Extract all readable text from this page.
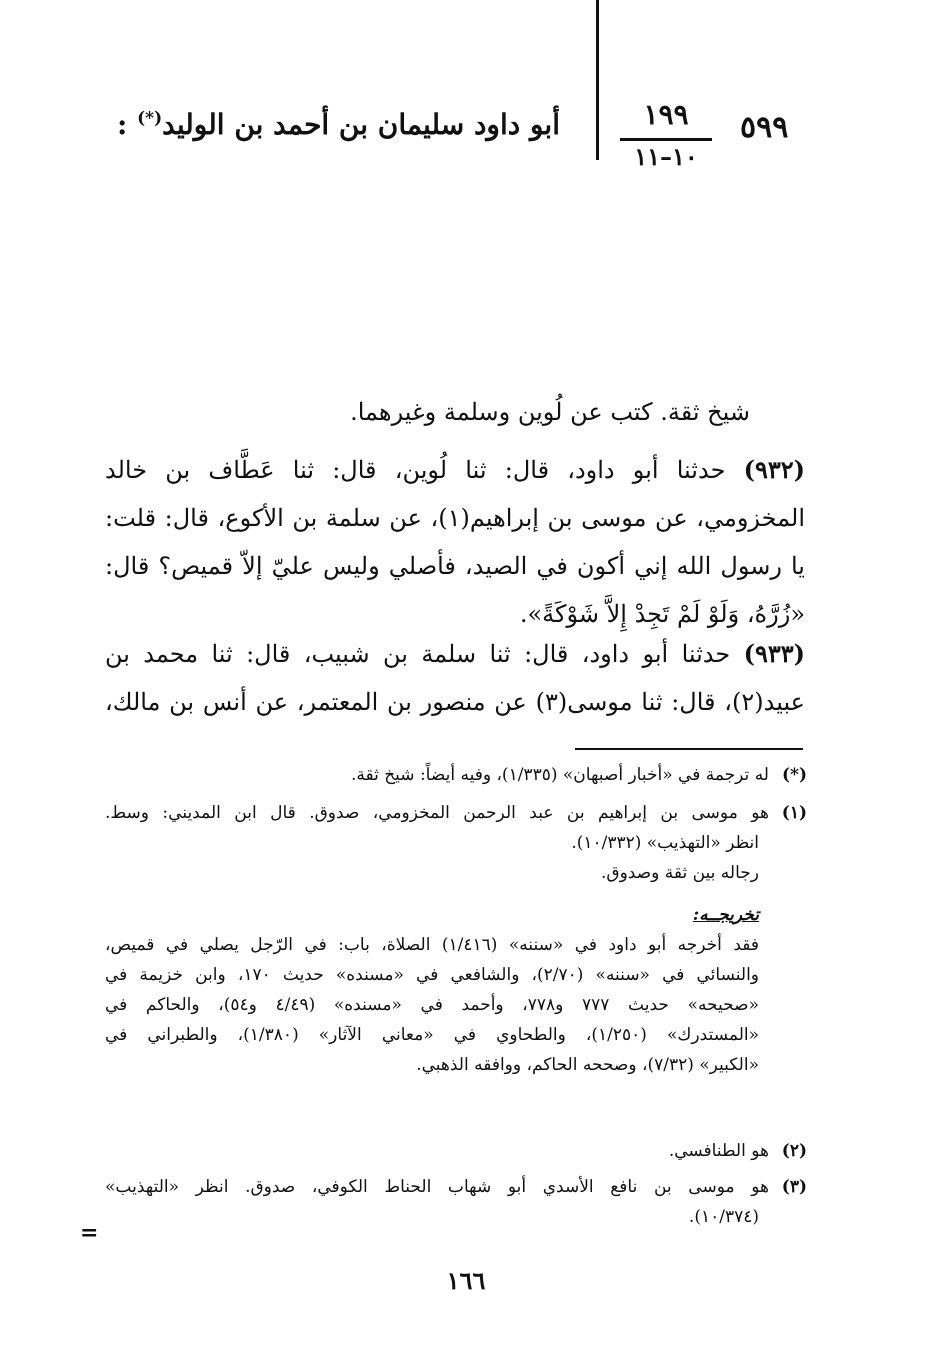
٥٩٩
١٩٩
١٠–١١
أبو داود سليمان بن أحمد بن الوليد(*) :
شيخ ثقة. كتب عن لُوين وسلمة وغيرهما.
(٩٣٢) حدثنا أبو داود، قال: ثنا لُوين، قال: ثنا عَطَّاف بن خالد
المخزومي، عن موسى بن إبراهيم(١)، عن سلمة بن الأكوع، قال: قلت:
يا رسول الله إني أكون في الصيد، فأصلي وليس عليّ إلاّ قميص؟ قال:
«زُرَّهُ، وَلَوْ لَمْ تَجِدْ إِلاَّ شَوْكَةً».
(٩٣٣) حدثنا أبو داود، قال: ثنا سلمة بن شبيب، قال: ثنا محمد بن
عبيد(٢)، قال: ثنا موسى(٣) عن منصور بن المعتمر، عن أنس بن مالك،
(*)له ترجمة في «أخبار أصبهان» (١/٣٣٥)، وفيه أيضاً: شيخ ثقة.
(١)هو موسى بن إبراهيم بن عبد الرحمن المخزومي، صدوق. قال ابن المديني: وسط.
انظر «التهذيب» (١٠/٣٣٢).
رجاله بين ثقة وصدوق.
تخريجــه:
فقد أخرجه أبو داود في «سننه» (١/٤١٦) الصلاة، باب: في الرّجل يصلي في قميص،
والنسائي في «سننه» (٢/٧٠)، والشافعي في «مسنده» حديث ١٧٠، وابن خزيمة في
«صحيحه» حديث ٧٧٧ و٧٧٨، وأحمد في «مسنده» (٤/٤٩ و٥٤)، والحاكم في
«المستدرك» (١/٢٥٠)، والطحاوي في «معاني الآثار» (١/٣٨٠)، والطبراني في
«الكبير» (٧/٣٢)، وصححه الحاكم، ووافقه الذهبي.
(٢)هو الطنافسي.
(٣)هو موسى بن نافع الأسدي أبو شهاب الحناط الكوفي، صدوق. انظر «التهذيب»
(١٠/٣٧٤).
=
١٦٦
